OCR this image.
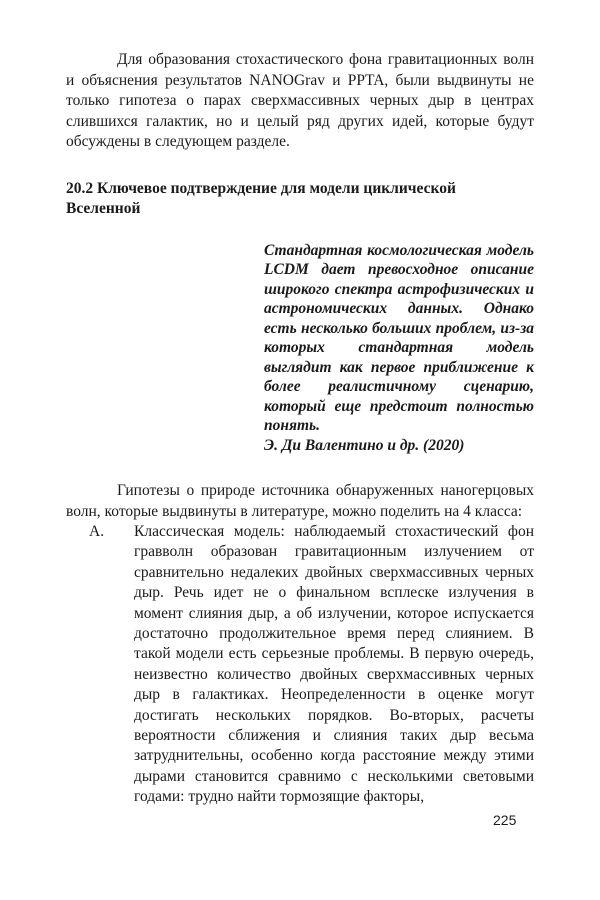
Для образования стохастического фона гравитационных волн и объяснения результатов NANOGrav и PPTA, были выдвинуты не только гипотеза о парах сверхмассивных черных дыр в центрах слившихся галактик, но и целый ряд других идей, которые будут обсуждены в следующем разделе.

20.2 Ключевое подтверждение для модели циклической Вселенной

Стандартная космологическая модель LCDM дает превосходное описание широкого спектра астрофизических и астрономических данных. Однако есть несколько больших проблем, из-за которых стандартная модель выглядит как первое приближение к более реалистичному сценарию, который еще предстоит полностью понять.

Э. Ди Валентино и др. (2020)

Гипотезы о природе источника обнаруженных наногерцовых волн, которые выдвинуты в литературе, можно поделить на 4 класса:

А.	Классическая модель: наблюдаемый стохастический фон гравволн образован гравитационным излучением от сравнительно недалеких двойных сверхмассивных черных дыр. Речь идет не о финальном всплеске излучения в момент слияния дыр, а об излучении, которое испускается достаточно продолжительное время перед слиянием. В такой модели есть серьезные проблемы. В первую очередь, неизвестно количество двойных сверхмассивных черных дыр в галактиках. Неопределенности в оценке могут достигать нескольких порядков. Во-вторых, расчеты вероятности сближения и слияния таких дыр весьма затруднительны, особенно когда расстояние между этими дырами становится сравнимо с несколькими световыми годами: трудно найти тормозящие факторы,

225
